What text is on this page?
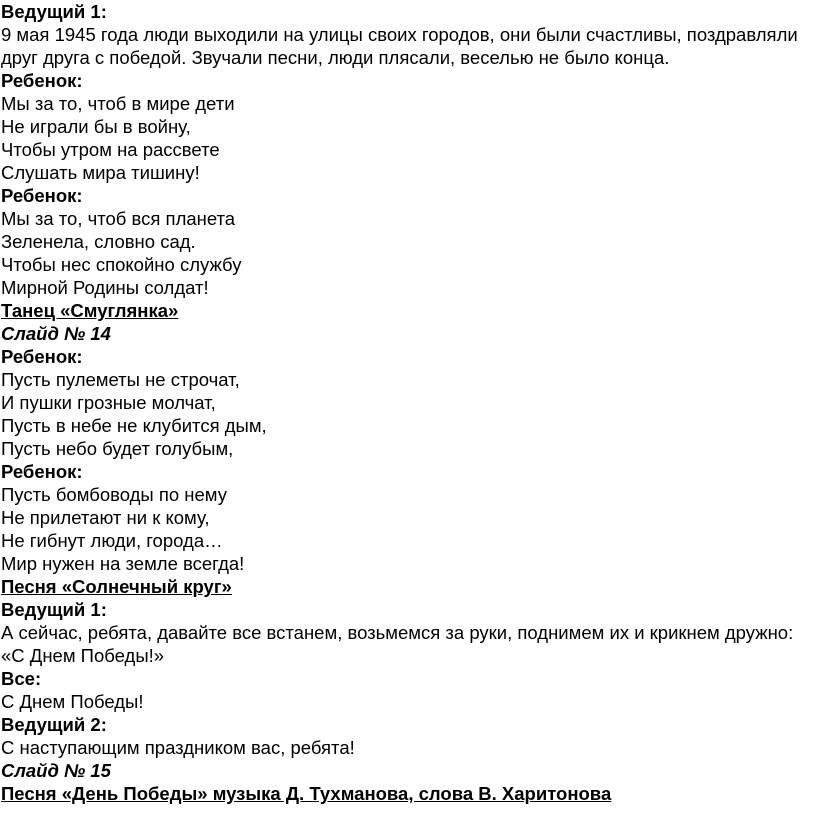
Ведущий 1:
9 мая 1945 года люди выходили на улицы своих городов, они были счастливы, поздравляли друг друга с победой. Звучали песни, люди плясали, веселью не было конца.
Ребенок:
Мы за то, чтоб в мире дети
Не играли бы в войну,
Чтобы утром на рассвете
Слушать мира тишину!
Ребенок:
Мы за то, чтоб вся планета
Зеленела, словно сад.
Чтобы нес спокойно службу
Мирной Родины солдат!
Танец «Смуглянка»
Слайд № 14
Ребенок:
Пусть пулеметы не строчат,
И пушки грозные молчат,
Пусть в небе не клубится дым,
Пусть небо будет голубым,
Ребенок:
Пусть бомбоводы по нему
Не прилетают ни к кому,
Не гибнут люди, города…
Мир нужен на земле всегда!
Песня «Солнечный круг»
Ведущий 1:
А сейчас, ребята, давайте все встанем, возьмемся за руки, поднимем их и крикнем дружно: «С Днем Победы!»
Все:
С Днем Победы!
Ведущий 2:
С наступающим праздником вас, ребята!
Слайд № 15
Песня «День Победы» музыка Д. Тухманова, слова В. Харитонова
